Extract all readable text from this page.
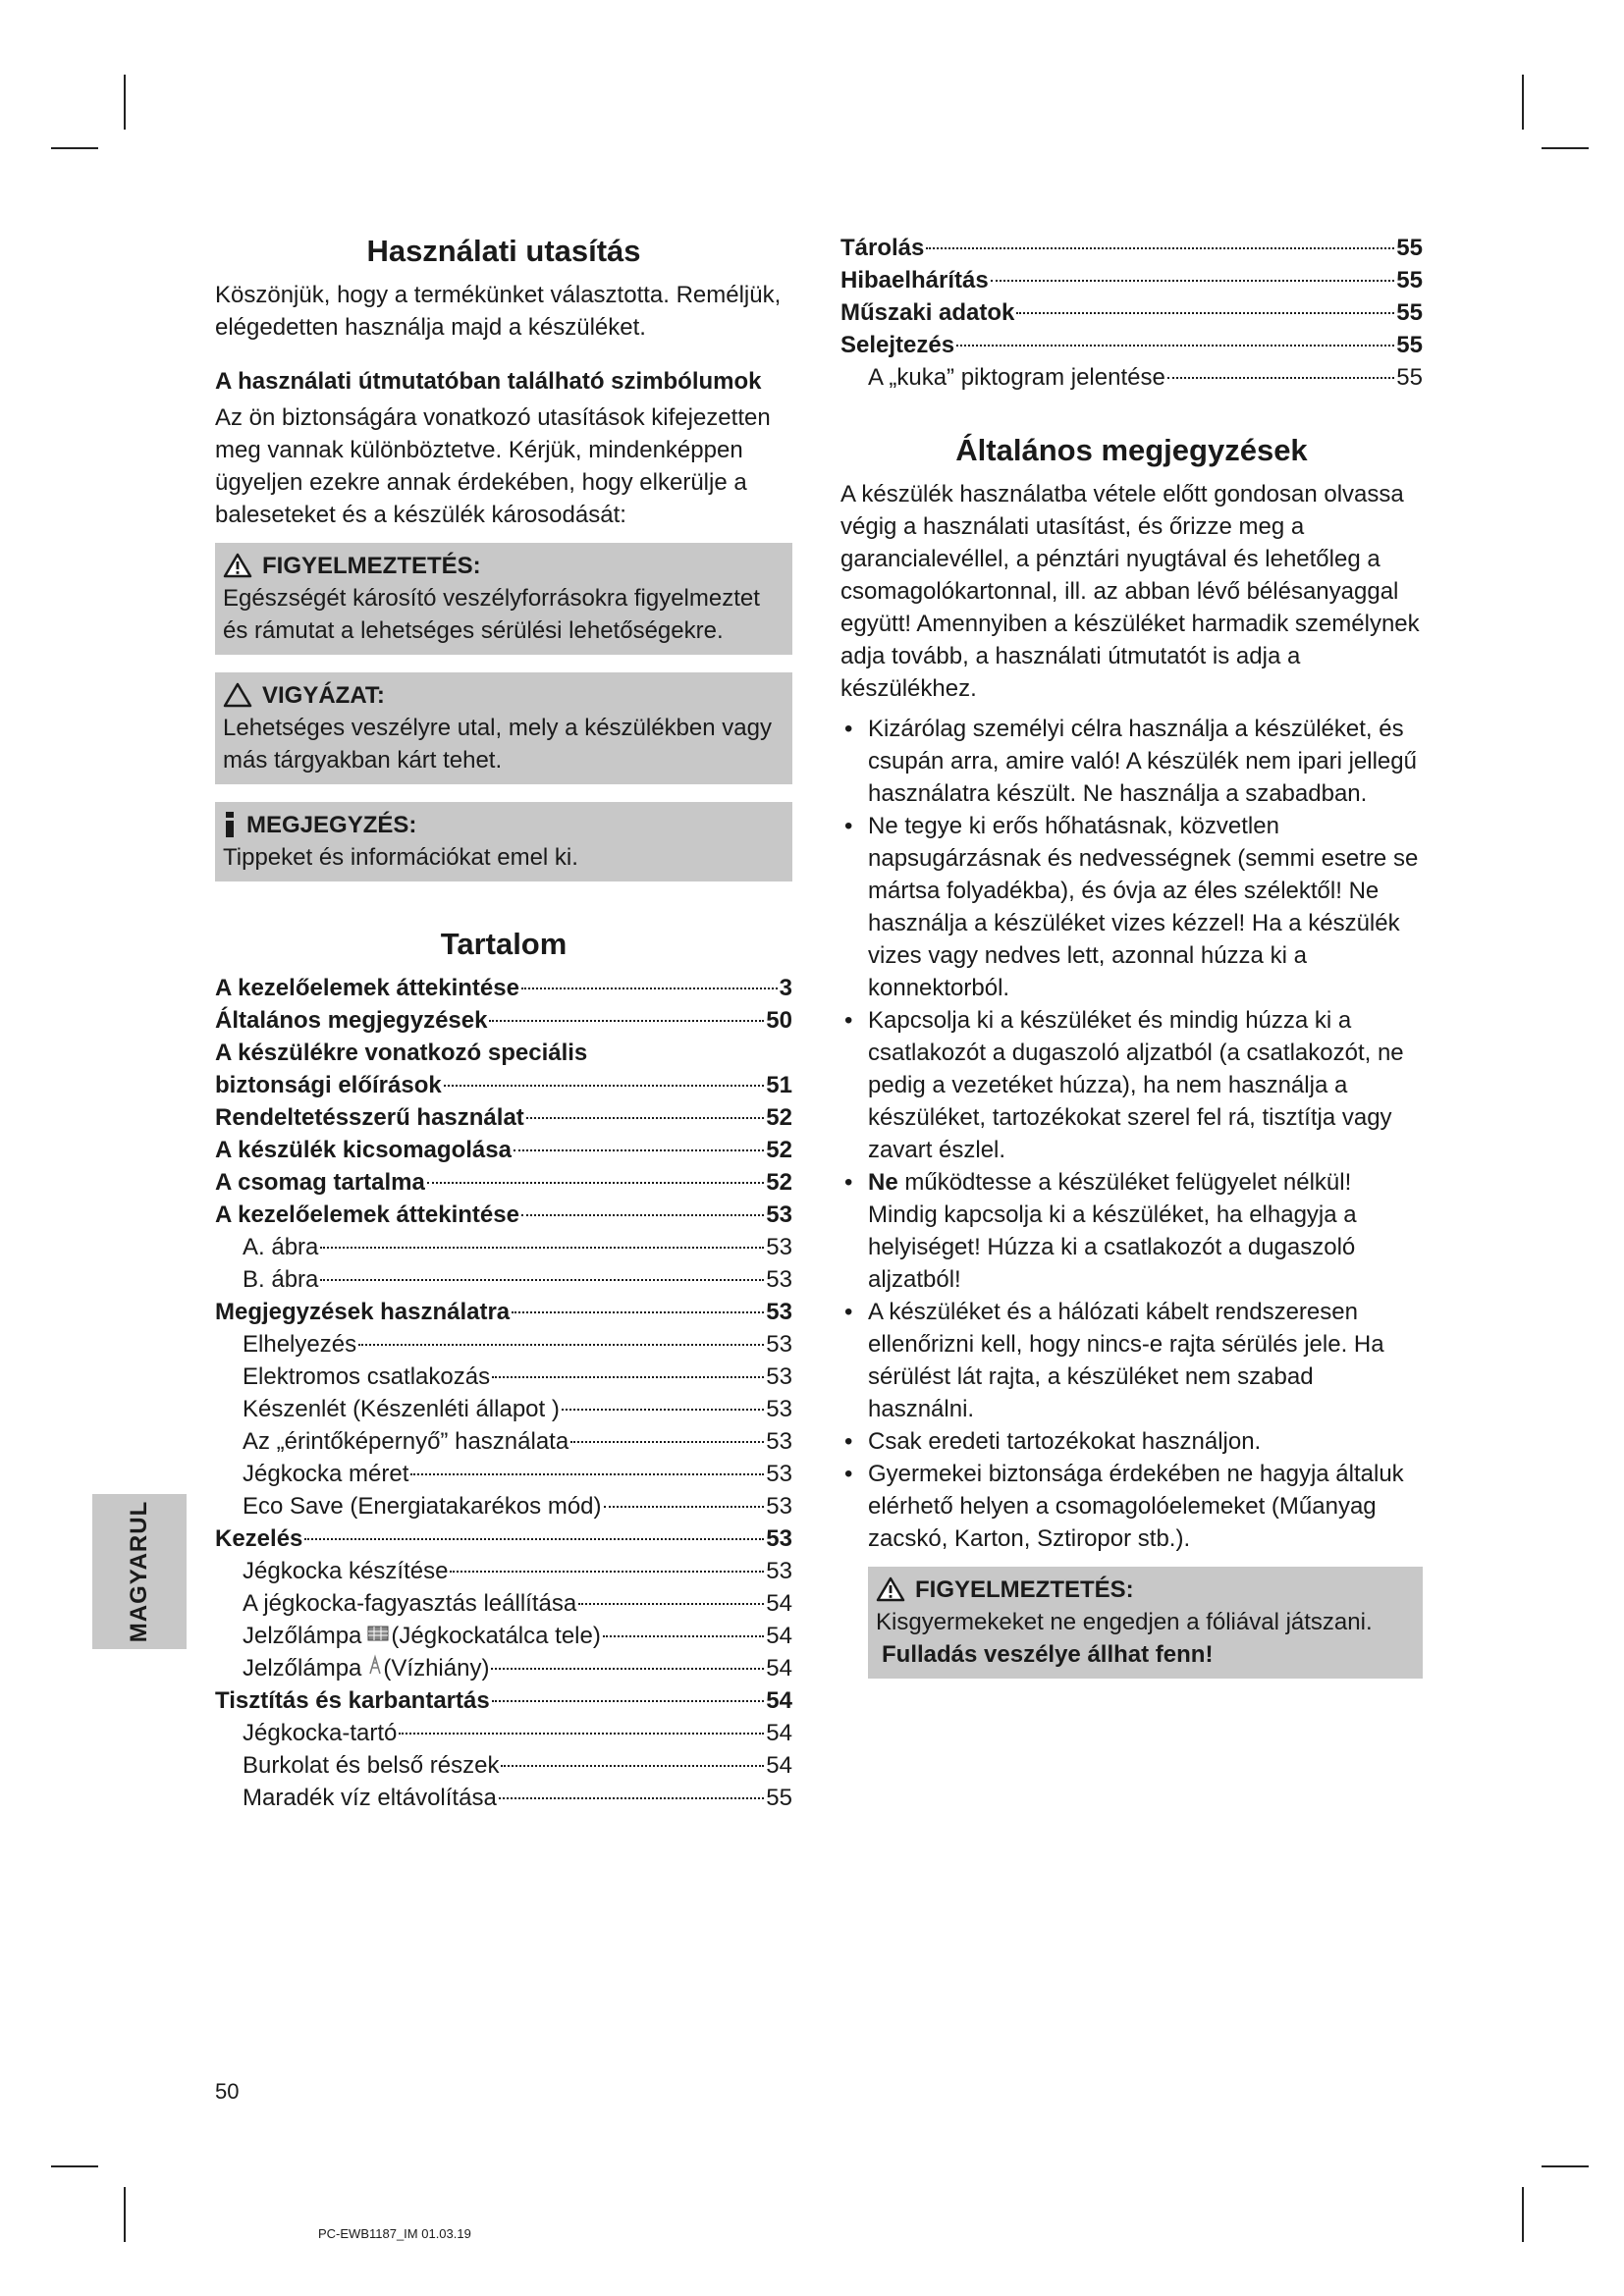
Használati utasítás

Köszönjük, hogy a termékünket választotta. Reméljük, elégedetten használja majd a készüléket.

A használati útmutatóban található szimbólumok

Az ön biztonságára vonatkozó utasítások kifejezetten meg vannak különböztetve. Kérjük, mindenképpen ügyeljen ezekre annak érdekében, hogy elkerülje a baleseteket és a készülék károsodását:

FIGYELMEZTETÉS:

Egészségét károsító veszélyforrásokra figyelmeztet és rámutat a lehetséges sérülési lehetőségekre.

VIGYÁZAT:

Lehetséges veszélyre utal, mely a készülékben vagy más tárgyakban kárt tehet.

MEGJEGYZÉS:

Tippeket és információkat emel ki.

Tartalom
A kezelőelemek áttekintése	3
Általános megjegyzések	50
A készülékre vonatkozó speciális
biztonsági előírások	51
Rendeltetésszerű használat	52
A készülék kicsomagolása	52
A csomag tartalma	52
A kezelőelemek áttekintése	53
A. ábra	53
B. ábra	53
Megjegyzések használatra	53
Elhelyezés	53
Elektromos csatlakozás	53
Készenlét (Készenléti állapot )	53
Az „érintőképernyő” használata	53
Jégkocka méret	53
Eco Save (Energiatakarékos mód)	53
Kezelés	53
Jégkocka készítése	53
A jégkocka-fagyasztás leállítása	54
Jelzőlámpa (Jégkockatálca tele)	54
Jelzőlámpa (Vízhiány)	54
Tisztítás és karbantartás	54
Jégkocka-tartó	54
Burkolat és belső részek	54
Maradék víz eltávolítása	55
Tárolás	55
Hibaelhárítás	55
Műszaki adatok	55
Selejtezés	55
A „kuka” piktogram jelentése	55
Általános megjegyzések

A készülék használatba vétele előtt gondosan olvassa végig a használati utasítást, és őrizze meg a garancialevéllel, a pénztári nyugtával és lehetőleg a csomagolókartonnal, ill. az abban lévő bélésanyaggal együtt! Amennyiben a készüléket harmadik személynek adja tovább, a használati útmutatót is adja a készülékhez.

• Kizárólag személyi célra használja a készüléket, és csupán arra, amire való! A készülék nem ipari jellegű használatra készült. Ne használja a szabadban.
• Ne tegye ki erős hőhatásnak, közvetlen napsugárzásnak és nedvességnek (semmi esetre se mártsa folyadékba), és óvja az éles szélektől! Ne használja a készüléket vizes kézzel! Ha a készülék vizes vagy nedves lett, azonnal húzza ki a konnektorból.
• Kapcsolja ki a készüléket és mindig húzza ki a csatlakozót a dugaszoló aljzatból (a csatlakozót, ne pedig a vezetéket húzza), ha nem használja a készüléket, tartozékokat szerel fel rá, tisztítja vagy zavart észlel.
• Ne működtesse a készüléket felügyelet nélkül! Mindig kapcsolja ki a készüléket, ha elhagyja a helyiséget! Húzza ki a csatlakozót a dugaszoló aljzatból!
• A készüléket és a hálózati kábelt rendszeresen ellenőrizni kell, hogy nincs-e rajta sérülés jele. Ha sérülést lát rajta, a készüléket nem szabad használni.
• Csak eredeti tartozékokat használjon.
• Gyermekei biztonsága érdekében ne hagyja általuk elérhető helyen a csomagolóelemeket (Műanyag zacskó, Karton, Sztiropor stb.).
FIGYELMEZTETÉS:

Kisgyermekeket ne engedjen a fóliával játszani.

Fulladás veszélye állhat fenn!

MAGYARUL
50
PC-EWB1187_IM 01.03.19
